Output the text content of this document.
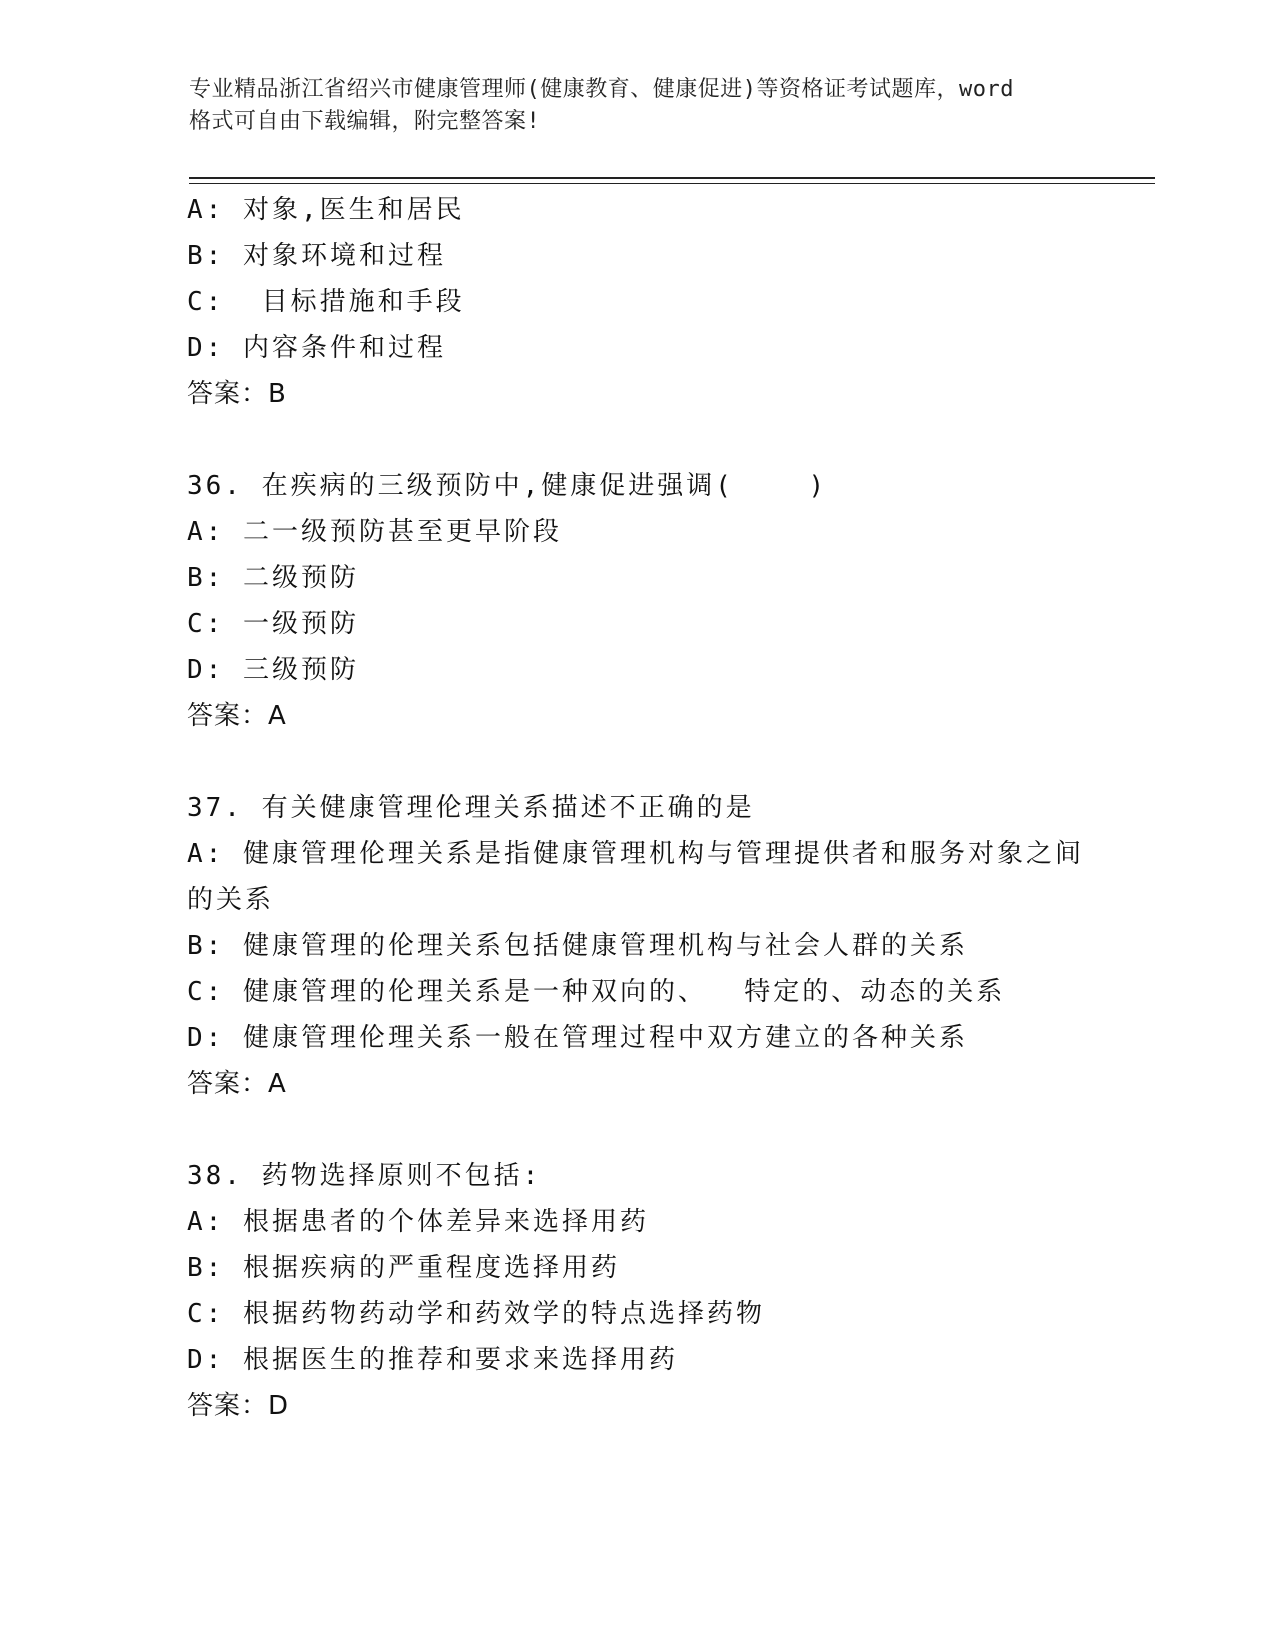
专业精品浙江省绍兴市健康管理师(健康教育、健康促进)等资格证考试题库，word
格式可自由下载编辑，附完整答案!
A: 对象,医生和居民
B: 对象环境和过程
C:  目标措施和手段
D: 内容条件和过程
答案：B
36. 在疾病的三级预防中,健康促进强调(    )
A: 二一级预防甚至更早阶段
B: 二级预防
C: 一级预防
D: 三级预防
答案：A
37. 有关健康管理伦理关系描述不正确的是
A: 健康管理伦理关系是指健康管理机构与管理提供者和服务对象之间
的关系
B: 健康管理的伦理关系包括健康管理机构与社会人群的关系
C: 健康管理的伦理关系是一种双向的、  特定的、动态的关系
D: 健康管理伦理关系一般在管理过程中双方建立的各种关系
答案：A
38. 药物选择原则不包括:
A: 根据患者的个体差异来选择用药
B: 根据疾病的严重程度选择用药
C: 根据药物药动学和药效学的特点选择药物
D: 根据医生的推荐和要求来选择用药
答案：D
